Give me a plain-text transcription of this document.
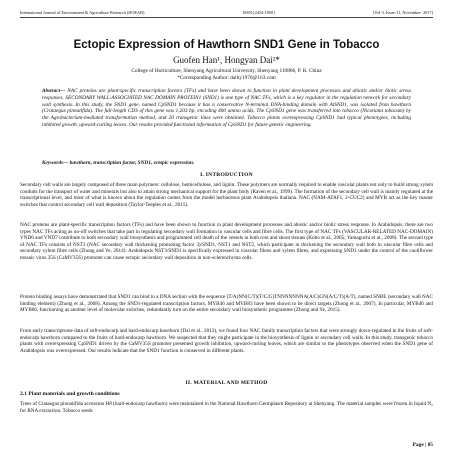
International Journal of Environment & Agriculture Research (IJOEAR)	ISSN:[2454-1850]	[Vol-3, Issue-11, November- 2017]
Ectopic Expression of Hawthorn SND1 Gene in Tobacco
Guofen Han¹, Hongyan Dai²*
College of Horticulture, Shenyang Agricultural University, Shenyang 110866, P. R. China
*Corresponding Author: daihy1970@163.com
Abstract— NAC proteins are plant-specific transcription factors (TFs) and have been shown to function in plant development processes and abiotic and/or biotic stress responses. SECONDARY WALL-ASSOCIATED NAC DOMAIN PROTEIN1 (SND1) is one type of NAC TFs, which is a key regulator in the regulation network for secondary wall synthesis. In this study, the SND1 gene, named CpSND1 because it has a conservative N-terminal DNA-binding domain with AtSND1, was isolated from hawthorn (Crataegus pinnatifida). The full-length CDS of this gene was 1,203 bp, encoding 400 amino acids. The CpSND1 gene was transferred into tobacco (Nicotiana tobacum) by the Agrobacterium-mediated transformation method, and 20 transgenic lines were obtained. Tobacco plants overexpressing CpSND1 had typical phenotypes, including inhibited growth, upward-curling leaves. Our results provided functional information of CpSND1 for future genetic engineering.
Keywords— hawthorn, transcription factor, SND1, ectopic expression.
I. INTRODUCTION
Secondary cell walls are largely composed of three main polymers: cellulose, hemicellulose, and lignin. These polymers are normally required to enable vascular plants not only to build strong xylem conduits for the transport of water and minerals but also to attain strong mechanical support for the plant body (Raven et al., 1999). The formation of the secondary cell wall is mainly regulated at the transcriptional level, and most of what is known about the regulation comes from the model herbaceous plant Arabidopsis thaliana. NAC (NAM-ATAF1, 2-CUC2) and MYB act as the key master switches that control secondary cell wall deposition (Taylor-Teeples et al., 2015).
NAC proteins are plant-specific transcription factors (TFs) and have been shown to function in plant development processes and abiotic and/or biotic stress response. In Arabidopsis, there are two types NAC TFs acting as on-off switches that take part in regulating secondary wall formation in vascular cells and fibre cells. The first type of NAC TFs (VASCULAR-RELATED NAC-DOMAIN) VND6 and VND7 contribute to both secondary wall biosynthesis and programmed cell death of the vessels in both root and shoot tissues (Kubo et al., 2005; Yamaguchi et al., 2008). The second type of NAC TFs consists of NST3 (NAC secondary wall thickening promoting factor 3)/SND1, NST1 and NST2, which participate in thickening the secondary wall both in vascular fibre cells and secondary xylem fibre cells (Zhong and Ye, 2014). Arabidopsis NST3/SND1 is specifically expressed in vascular fibres and xylem fibres, and expressing SND1 under the control of the cauliflower mosaic virus 35S (CaMV35S) promoter can cause ectopic secondary wall deposition in non-sclerenchyma cells.
Protein binding assays have demonstrated that SND1 can bind to a DNA section with the sequence (T/A)NN(C/T)(T/C/G)TNNNNNNNA(A/C)GN(A/C/T)(A/T), named SNBE (secondary wall NAC binding element) (Zhong et al., 2008). Among the SND1-regulated transcription factors, MYB46 and MYB83 have been shown to be direct targets (Zhong et al., 2007). In particular, MYB46 and MYB86, functioning as another level of molecular switches, redundantly turn on the entire secondary wall biosynthetic programme (Zhong and Ye, 2015).
From early transcriptome data of soft-endocarp and hard-endocarp hawthorn (Dai et al., 2013), we found four NAC family transcription factors that were strongly down-regulated in the fruits of soft-endocarp hawthorn compared to the fruits of hard-endocarp hawthorn. We suspected that they might participate in the biosynthesis of lignin or secondary cell walls. In this study, transgenic tobacco plants with overexpressing CpSND1 driven by the CaMV35S promoter presented growth inhibition, upward-curling leaves, which are similar to the phenotypes observed when the SND1 gene of Arabidopsis was overexpressed. Our results indicate that the SND1 function is conserved in different plants.
II. MATERIAL AND METHOD
2.1 Plant materials and growth conditions
Trees of Crataegus pinnatifida accession H8 (hard-endocarp hawthorn) were maintained in the National Hawthorn Germplasm Repository at Shenyang. The material samples were frozen in liquid N₂ for RNA extraction. Tobacco seeds
Page | 85
